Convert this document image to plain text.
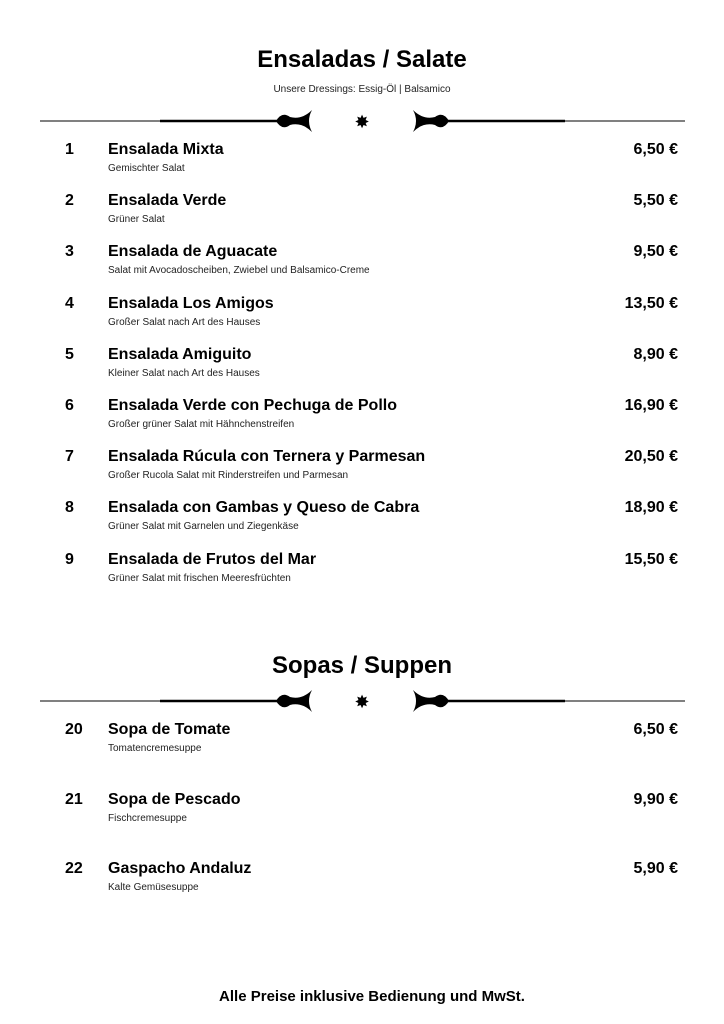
Ensaladas / Salate
Unsere Dressings: Essig-Öl | Balsamico
✸
1 Ensalada Mixta	6,50 €
Gemischter Salat
2 Ensalada Verde	5,50 €
Grüner Salat
3 Ensalada de Aguacate	9,50 €
Salat mit Avocadoscheiben, Zwiebel und Balsamico-Creme
4 Ensalada Los Amigos	13,50 €
Großer Salat nach Art des Hauses
5 Ensalada Amiguito	8,90 €
Kleiner Salat nach Art des Hauses
6 Ensalada Verde con Pechuga de Pollo	16,90 €
Großer grüner Salat mit Hähnchenstreifen
7 Ensalada Rúcula con Ternera y Parmesan	20,50 €
Großer Rucola Salat mit Rinderstreifen und Parmesan
8 Ensalada con Gambas y Queso de Cabra	18,90 €
Grüner Salat mit Garnelen und Ziegenkäse
9 Ensalada de Frutos del Mar	15,50 €
Grüner Salat mit frischen Meeresfrüchten
Sopas / Suppen
✸
20 Sopa de Tomate	6,50 €
Tomatencremesuppe
21 Sopa de Pescado	9,90 €
Fischcremesuppe
22 Gaspacho Andaluz	5,90 €
Kalte Gemüsesuppe
Alle Preise inklusive Bedienung und MwSt.
